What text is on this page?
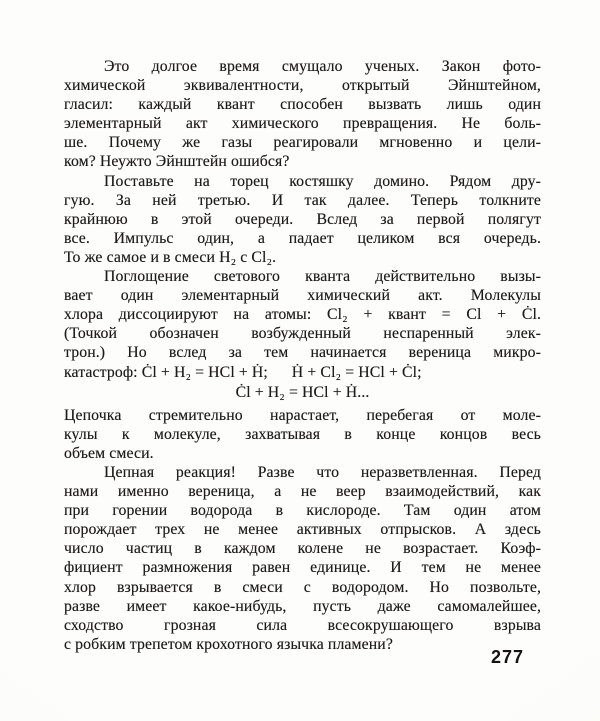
Это долгое время смущало ученых. Закон фото-
химической эквивалентности, открытый Эйнштейном,
гласил: каждый квант способен вызвать лишь один
элементарный акт химического превращения. Не боль-
ше. Почему же газы реагировали мгновенно и цели-
ком? Неужто Эйнштейн ошибся?
Поставьте на торец костяшку домино. Рядом дру-
гую. За ней третью. И так далее. Теперь толкните
крайнюю в этой очереди. Вслед за первой полягут
все. Импульс один, а падает целиком вся очередь.
То же самое и в смеси H₂ с Cl₂.
Поглощение светового кванта действительно вызы-
вает один элементарный химический акт. Молекулы
хлора диссоциируют на атомы: Cl₂ + квант = Cl + Ċl.
(Точкой обозначен возбужденный неспаренный элек-
трон.) Но вслед за тем начинается вереница микро-
катастроф: Ċl + H₂ = HCl + Ḣ;  Ḣ + Cl₂ = HCl + Ċl;
Ċl + H₂ = HCl + Ḣ...
Цепочка стремительно нарастает, перебегая от моле-
кулы к молекуле, захватывая в конце концов весь
объем смеси.
Цепная реакция! Разве что неразветвленная. Перед
нами именно вереница, а не веер взаимодействий, как
при горении водорода в кислороде. Там один атом
порождает трех не менее активных отпрысков. А здесь
число частиц в каждом колене не возрастает. Коэф-
фициент размножения равен единице. И тем не менее
хлор взрывается в смеси с водородом. Но позвольте,
разве имеет какое-нибудь, пусть даже самомалейшее,
сходство грозная сила всесокрушающего взрыва
с робким трепетом крохотного язычка пламени?
277
